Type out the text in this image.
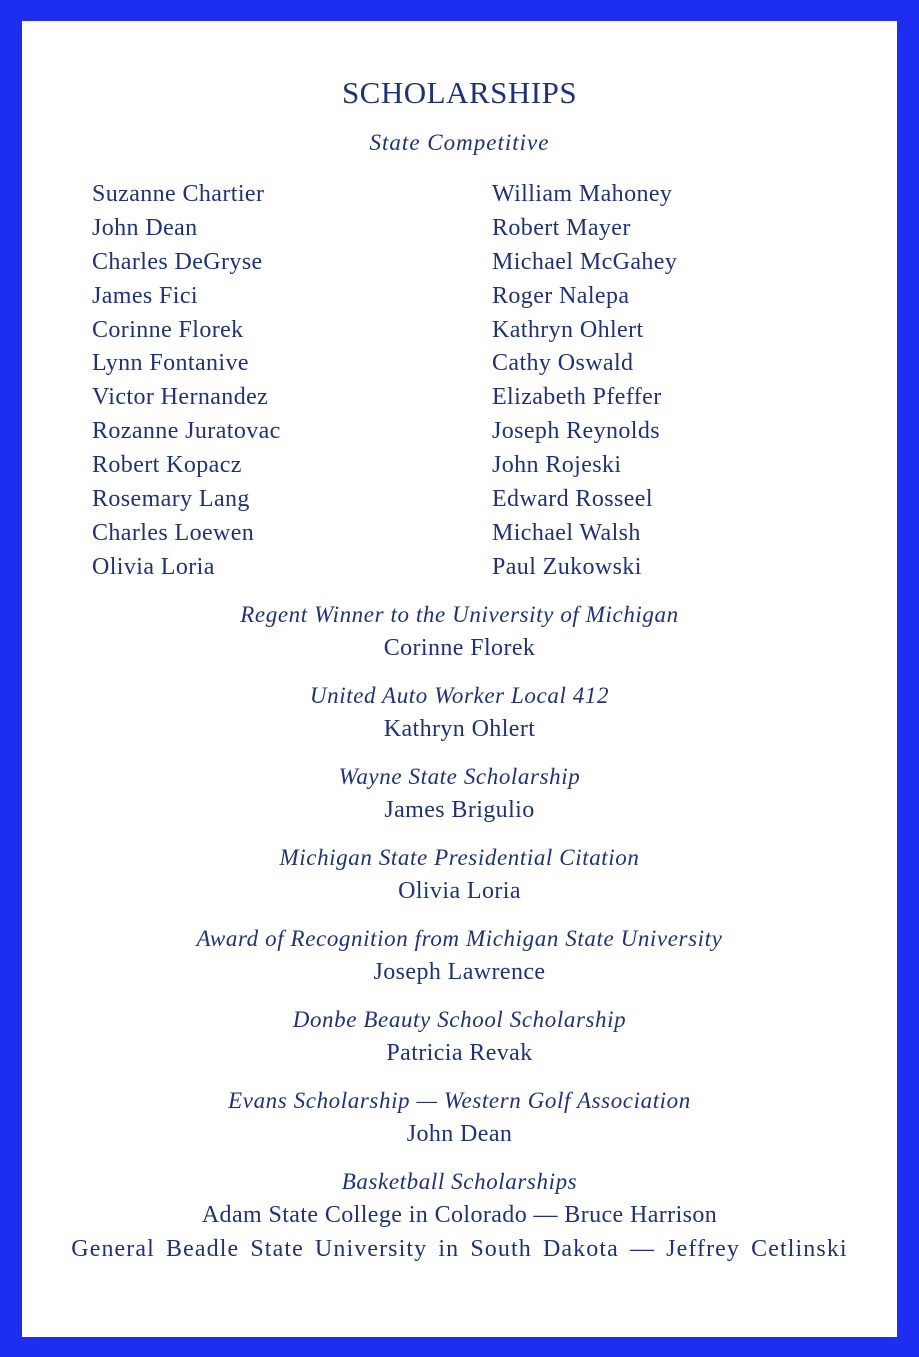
SCHOLARSHIPS
State Competitive
Suzanne Chartier
John Dean
Charles DeGryse
James Fici
Corinne Florek
Lynn Fontanive
Victor Hernandez
Rozanne Juratovac
Robert Kopacz
Rosemary Lang
Charles Loewen
Olivia Loria
William Mahoney
Robert Mayer
Michael McGahey
Roger Nalepa
Kathryn Ohlert
Cathy Oswald
Elizabeth Pfeffer
Joseph Reynolds
John Rojeski
Edward Rosseel
Michael Walsh
Paul Zukowski
Regent Winner to the University of Michigan
Corinne Florek
United Auto Worker Local 412
Kathryn Ohlert
Wayne State Scholarship
James Brigulio
Michigan State Presidential Citation
Olivia Loria
Award of Recognition from Michigan State University
Joseph Lawrence
Donbe Beauty School Scholarship
Patricia Revak
Evans Scholarship — Western Golf Association
John Dean
Basketball Scholarships
Adam State College in Colorado — Bruce Harrison
General Beadle State University in South Dakota — Jeffrey Cetlinski
